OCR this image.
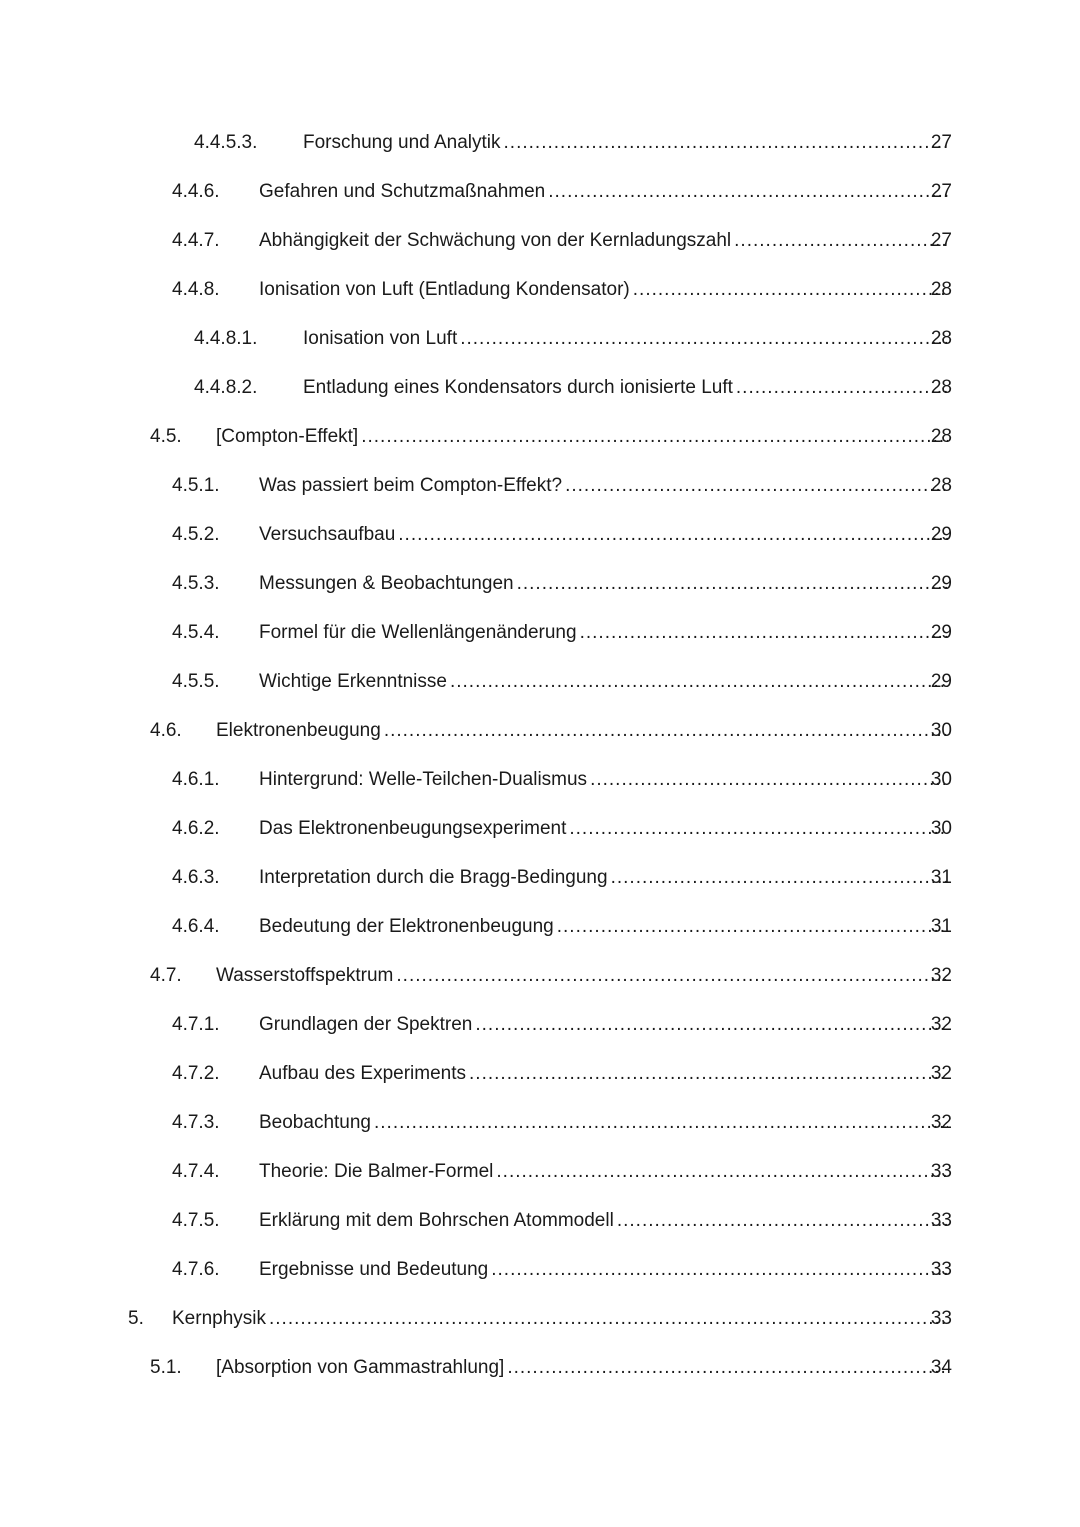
4.4.5.3. Forschung und Analytik .....	27
4.4.6. Gefahren und Schutzmaßnahmen .....	27
4.4.7. Abhängigkeit der Schwächung von der Kernladungszahl .....	27
4.4.8. Ionisation von Luft (Entladung Kondensator) .....	28
4.4.8.1. Ionisation von Luft .....	28
4.4.8.2. Entladung eines Kondensators durch ionisierte Luft .....	28
4.5. [Compton-Effekt] .....	28
4.5.1. Was passiert beim Compton-Effekt? .....	28
4.5.2. Versuchsaufbau .....	29
4.5.3. Messungen & Beobachtungen .....	29
4.5.4. Formel für die Wellenlängenänderung .....	29
4.5.5. Wichtige Erkenntnisse .....	29
4.6. Elektronenbeugung .....	30
4.6.1. Hintergrund: Welle-Teilchen-Dualismus .....	30
4.6.2. Das Elektronenbeugungsexperiment .....	30
4.6.3. Interpretation durch die Bragg-Bedingung .....	31
4.6.4. Bedeutung der Elektronenbeugung .....	31
4.7. Wasserstoffspektrum .....	32
4.7.1. Grundlagen der Spektren .....	32
4.7.2. Aufbau des Experiments .....	32
4.7.3. Beobachtung .....	32
4.7.4. Theorie: Die Balmer-Formel .....	33
4.7.5. Erklärung mit dem Bohrschen Atommodell .....	33
4.7.6. Ergebnisse und Bedeutung .....	33
5. Kernphysik .....	33
5.1. [Absorption von Gammastrahlung] .....	34
